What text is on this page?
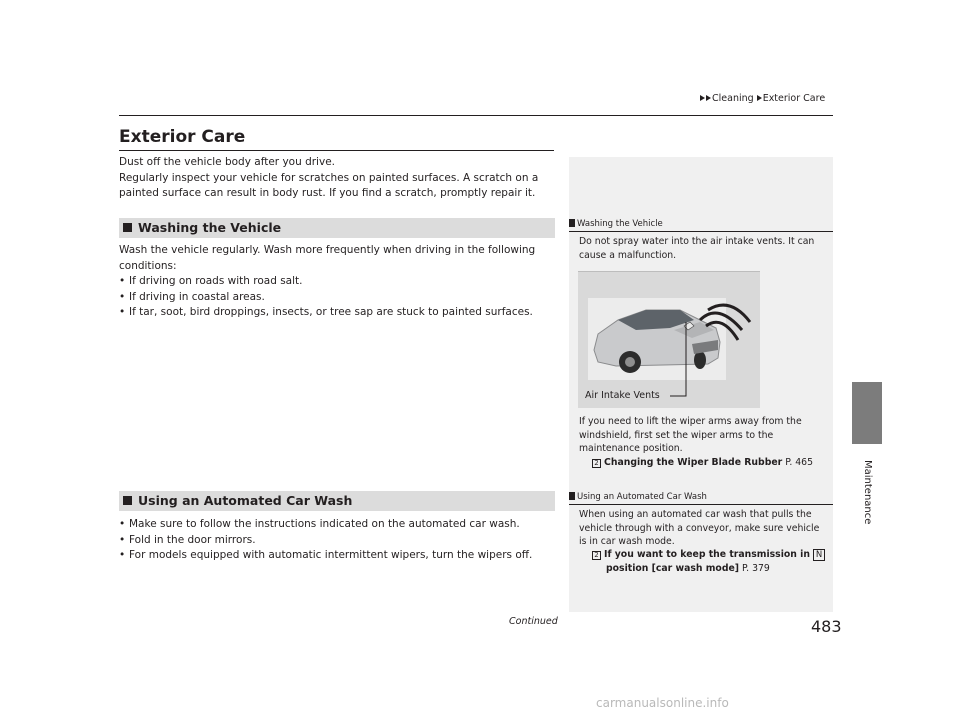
Cleaning Exterior Care
Maintenance
Exterior Care
Dust off the vehicle body after you drive.
Regularly inspect your vehicle for scratches on painted surfaces. A scratch on a painted surface can result in body rust. If you find a scratch, promptly repair it.
Washing the Vehicle
Wash the vehicle regularly. Wash more frequently when driving in the following conditions:
• If driving on roads with road salt.
• If driving in coastal areas.
• If tar, soot, bird droppings, insects, or tree sap are stuck to painted surfaces.
Using an Automated Car Wash
• Make sure to follow the instructions indicated on the automated car wash.
• Fold in the door mirrors.
• For models equipped with automatic intermittent wipers, turn the wipers off.
Washing the Vehicle
Do not spray water into the air intake vents. It can cause a malfunction.
Air Intake Vents
If you need to lift the wiper arms away from the windshield, first set the wiper arms to the maintenance position.
2 Changing the Wiper Blade Rubber P. 465
Using an Automated Car Wash
When using an automated car wash that pulls the vehicle through with a conveyor, make sure vehicle is in car wash mode.
2 If you want to keep the transmission in N
position [car wash mode] P. 379
Continued	483
carmanualsonline.info
